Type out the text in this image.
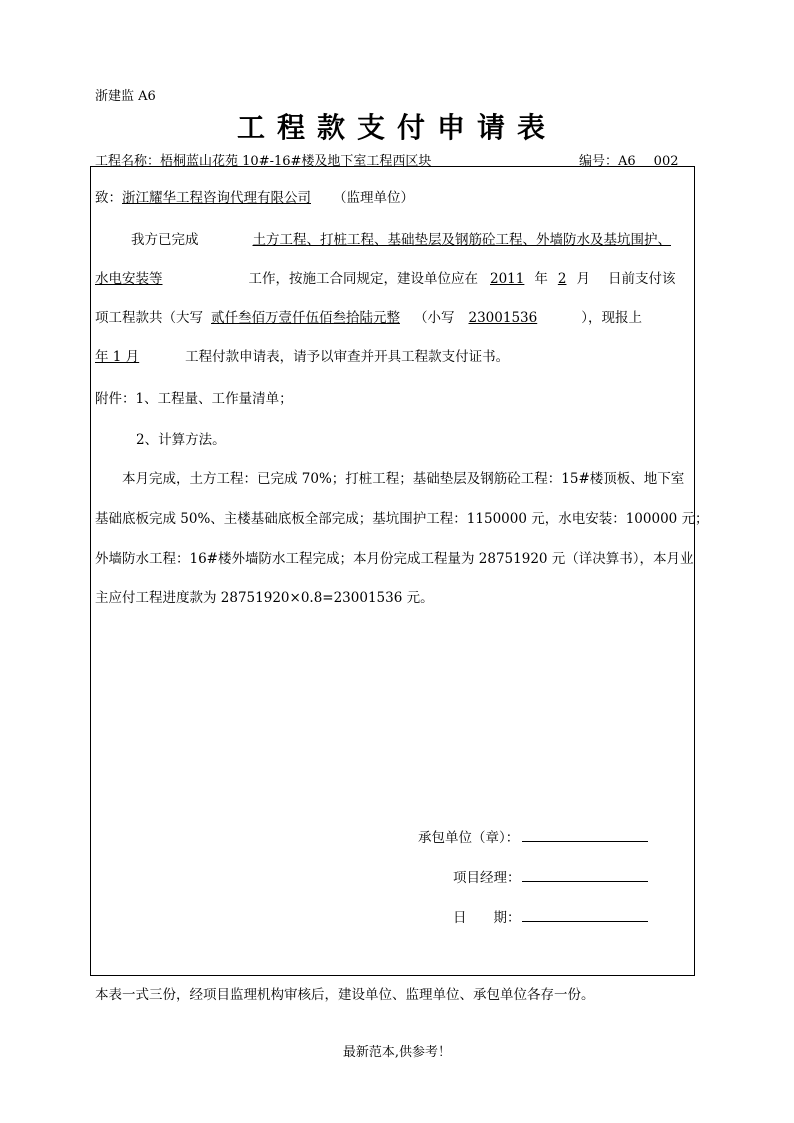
浙建监 A6
工程款支付申请表
工程名称：梧桐蓝山花苑 10#-16#楼及地下室工程西区块	编号：A6 002
致：浙江耀华工程咨询代理有限公司 （监理单位）
我方已完成	土方工程、打桩工程、基础垫层及钢筋砼工程、外墙防水及基坑围护、
水电安装等	工作，按施工合同规定，建设单位应在 2011 年 2 月 日前支付该
项工程款共（大写 贰仟叁佰万壹仟伍佰叁拾陆元整 （小写 23001536	），现报上
年 1 月	工程付款申请表，请予以审查并开具工程款支付证书。
附件：1、工程量、工作量清单；
2、计算方法。
本月完成，土方工程：已完成 70%；打桩工程；基础垫层及钢筋砼工程：15#楼顶板、地下室
基础底板完成 50%、主楼基础底板全部完成；基坑围护工程：1150000 元，水电安装：100000 元；
外墙防水工程：16#楼外墙防水工程完成；本月份完成工程量为 28751920 元（详决算书），本月业
主应付工程进度款为 28751920×0.8=23001536 元。
承包单位（章）：
项目经理：
日　　期：
本表一式三份，经项目监理机构审核后，建设单位、监理单位、承包单位各存一份。
最新范本,供参考！
